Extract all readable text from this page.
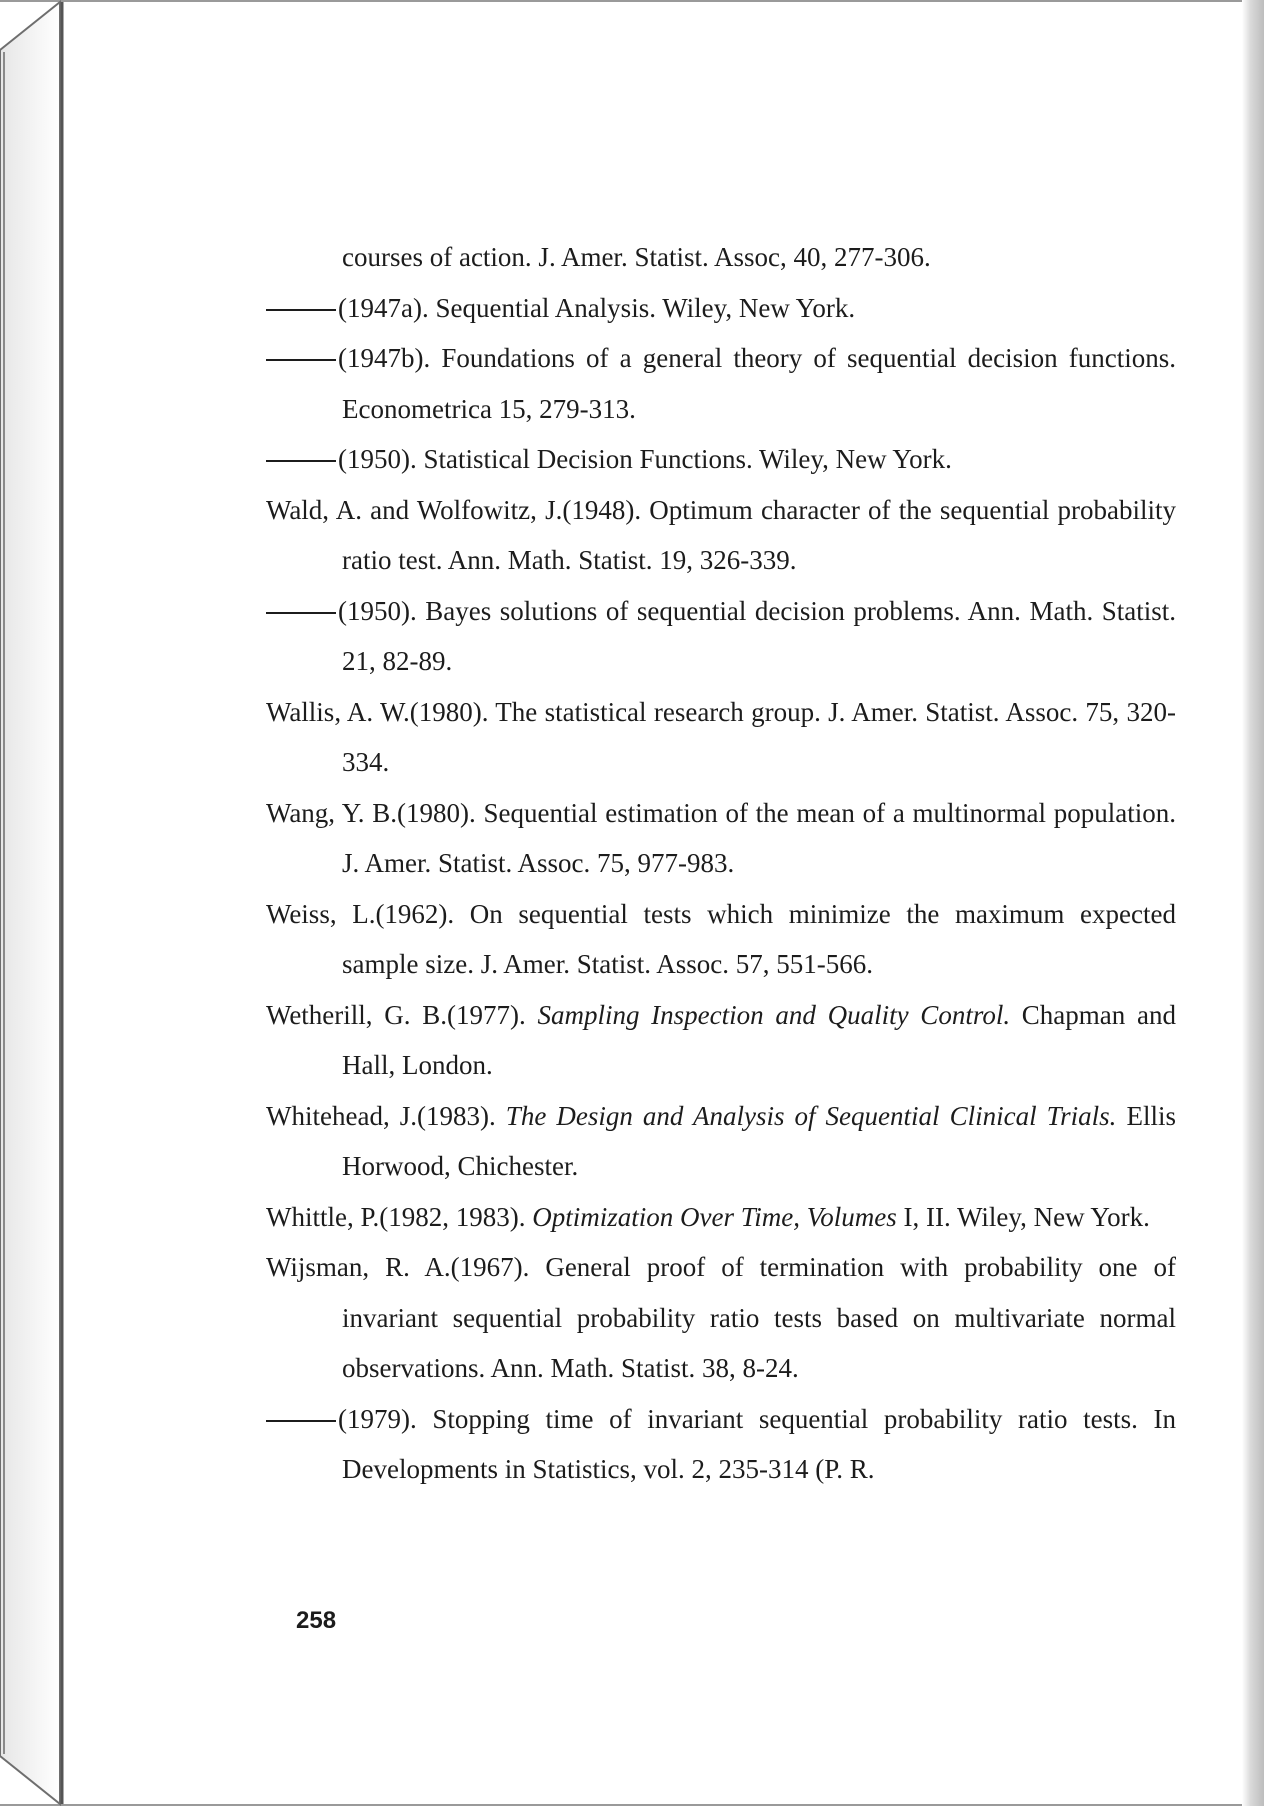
courses of action. J. Amer. Statist. Assoc, 40, 277-306.
(1947a). Sequential Analysis. Wiley, New York.
(1947b). Foundations of a general theory of sequential decision functions. Econometrica 15, 279-313.
(1950). Statistical Decision Functions. Wiley, New York.
Wald, A. and Wolfowitz, J.(1948). Optimum character of the sequential probability ratio test. Ann. Math. Statist. 19, 326-339.
(1950). Bayes solutions of sequential decision problems. Ann. Math. Statist. 21, 82-89.
Wallis, A. W.(1980). The statistical research group. J. Amer. Statist. Assoc. 75, 320-334.
Wang, Y. B.(1980). Sequential estimation of the mean of a multinormal population. J. Amer. Statist. Assoc. 75, 977-983.
Weiss, L.(1962). On sequential tests which minimize the maximum expected sample size. J. Amer. Statist. Assoc. 57, 551-566.
Wetherill, G. B.(1977). Sampling Inspection and Quality Control. Chapman and Hall, London.
Whitehead, J.(1983). The Design and Analysis of Sequential Clinical Trials. Ellis Horwood, Chichester.
Whittle, P.(1982, 1983). Optimization Over Time, Volumes I, II. Wiley, New York.
Wijsman, R. A.(1967). General proof of termination with probability one of invariant sequential probability ratio tests based on multivariate normal observations. Ann. Math. Statist. 38, 8-24.
(1979). Stopping time of invariant sequential probability ratio tests. In Developments in Statistics, vol. 2, 235-314 (P. R.
258
